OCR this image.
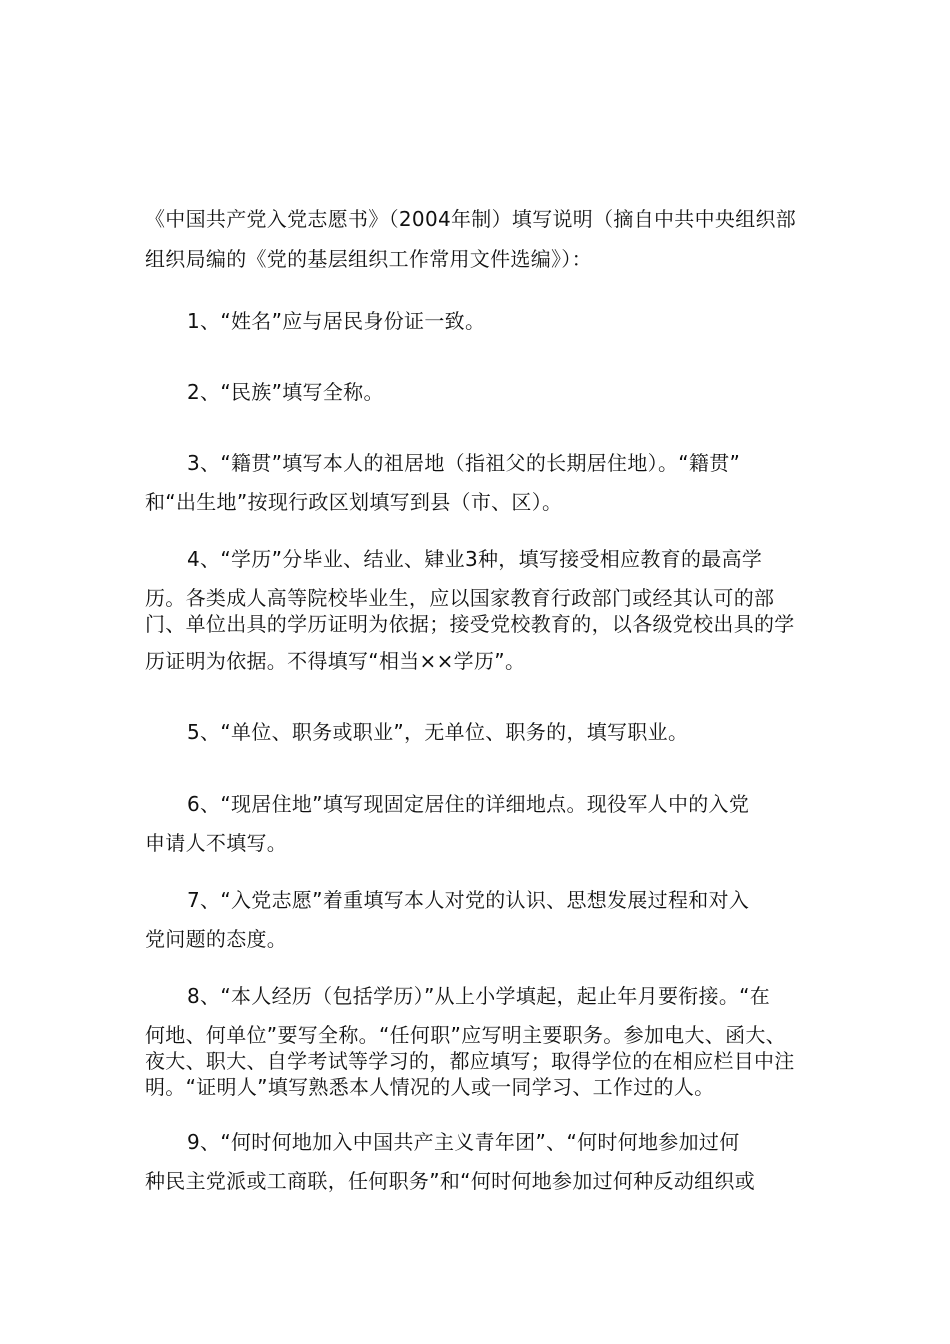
《中国共产党入党志愿书》（2004年制）填写说明（摘自中共中央组织部
组织局编的《党的基层组织工作常用文件选编》）：
1、“姓名”应与居民身份证一致。
2、“民族”填写全称。
3、“籍贯”填写本人的祖居地（指祖父的长期居住地）。“籍贯”
和“出生地”按现行政区划填写到县（市、区）。
4、“学历”分毕业、结业、肄业3种，填写接受相应教育的最高学
历。各类成人高等院校毕业生，应以国家教育行政部门或经其认可的部
门、单位出具的学历证明为依据；接受党校教育的，以各级党校出具的学
历证明为依据。不得填写“相当××学历”。
5、“单位、职务或职业”，无单位、职务的，填写职业。
6、“现居住地”填写现固定居住的详细地点。现役军人中的入党
申请人不填写。
7、“入党志愿”着重填写本人对党的认识、思想发展过程和对入
党问题的态度。
8、“本人经历（包括学历）”从上小学填起，起止年月要衔接。“在
何地、何单位”要写全称。“任何职”应写明主要职务。参加电大、函大、
夜大、职大、自学考试等学习的，都应填写；取得学位的在相应栏目中注
明。“证明人”填写熟悉本人情况的人或一同学习、工作过的人。
9、“何时何地加入中国共产主义青年团”、“何时何地参加过何
种民主党派或工商联，任何职务”和“何时何地参加过何种反动组织或
